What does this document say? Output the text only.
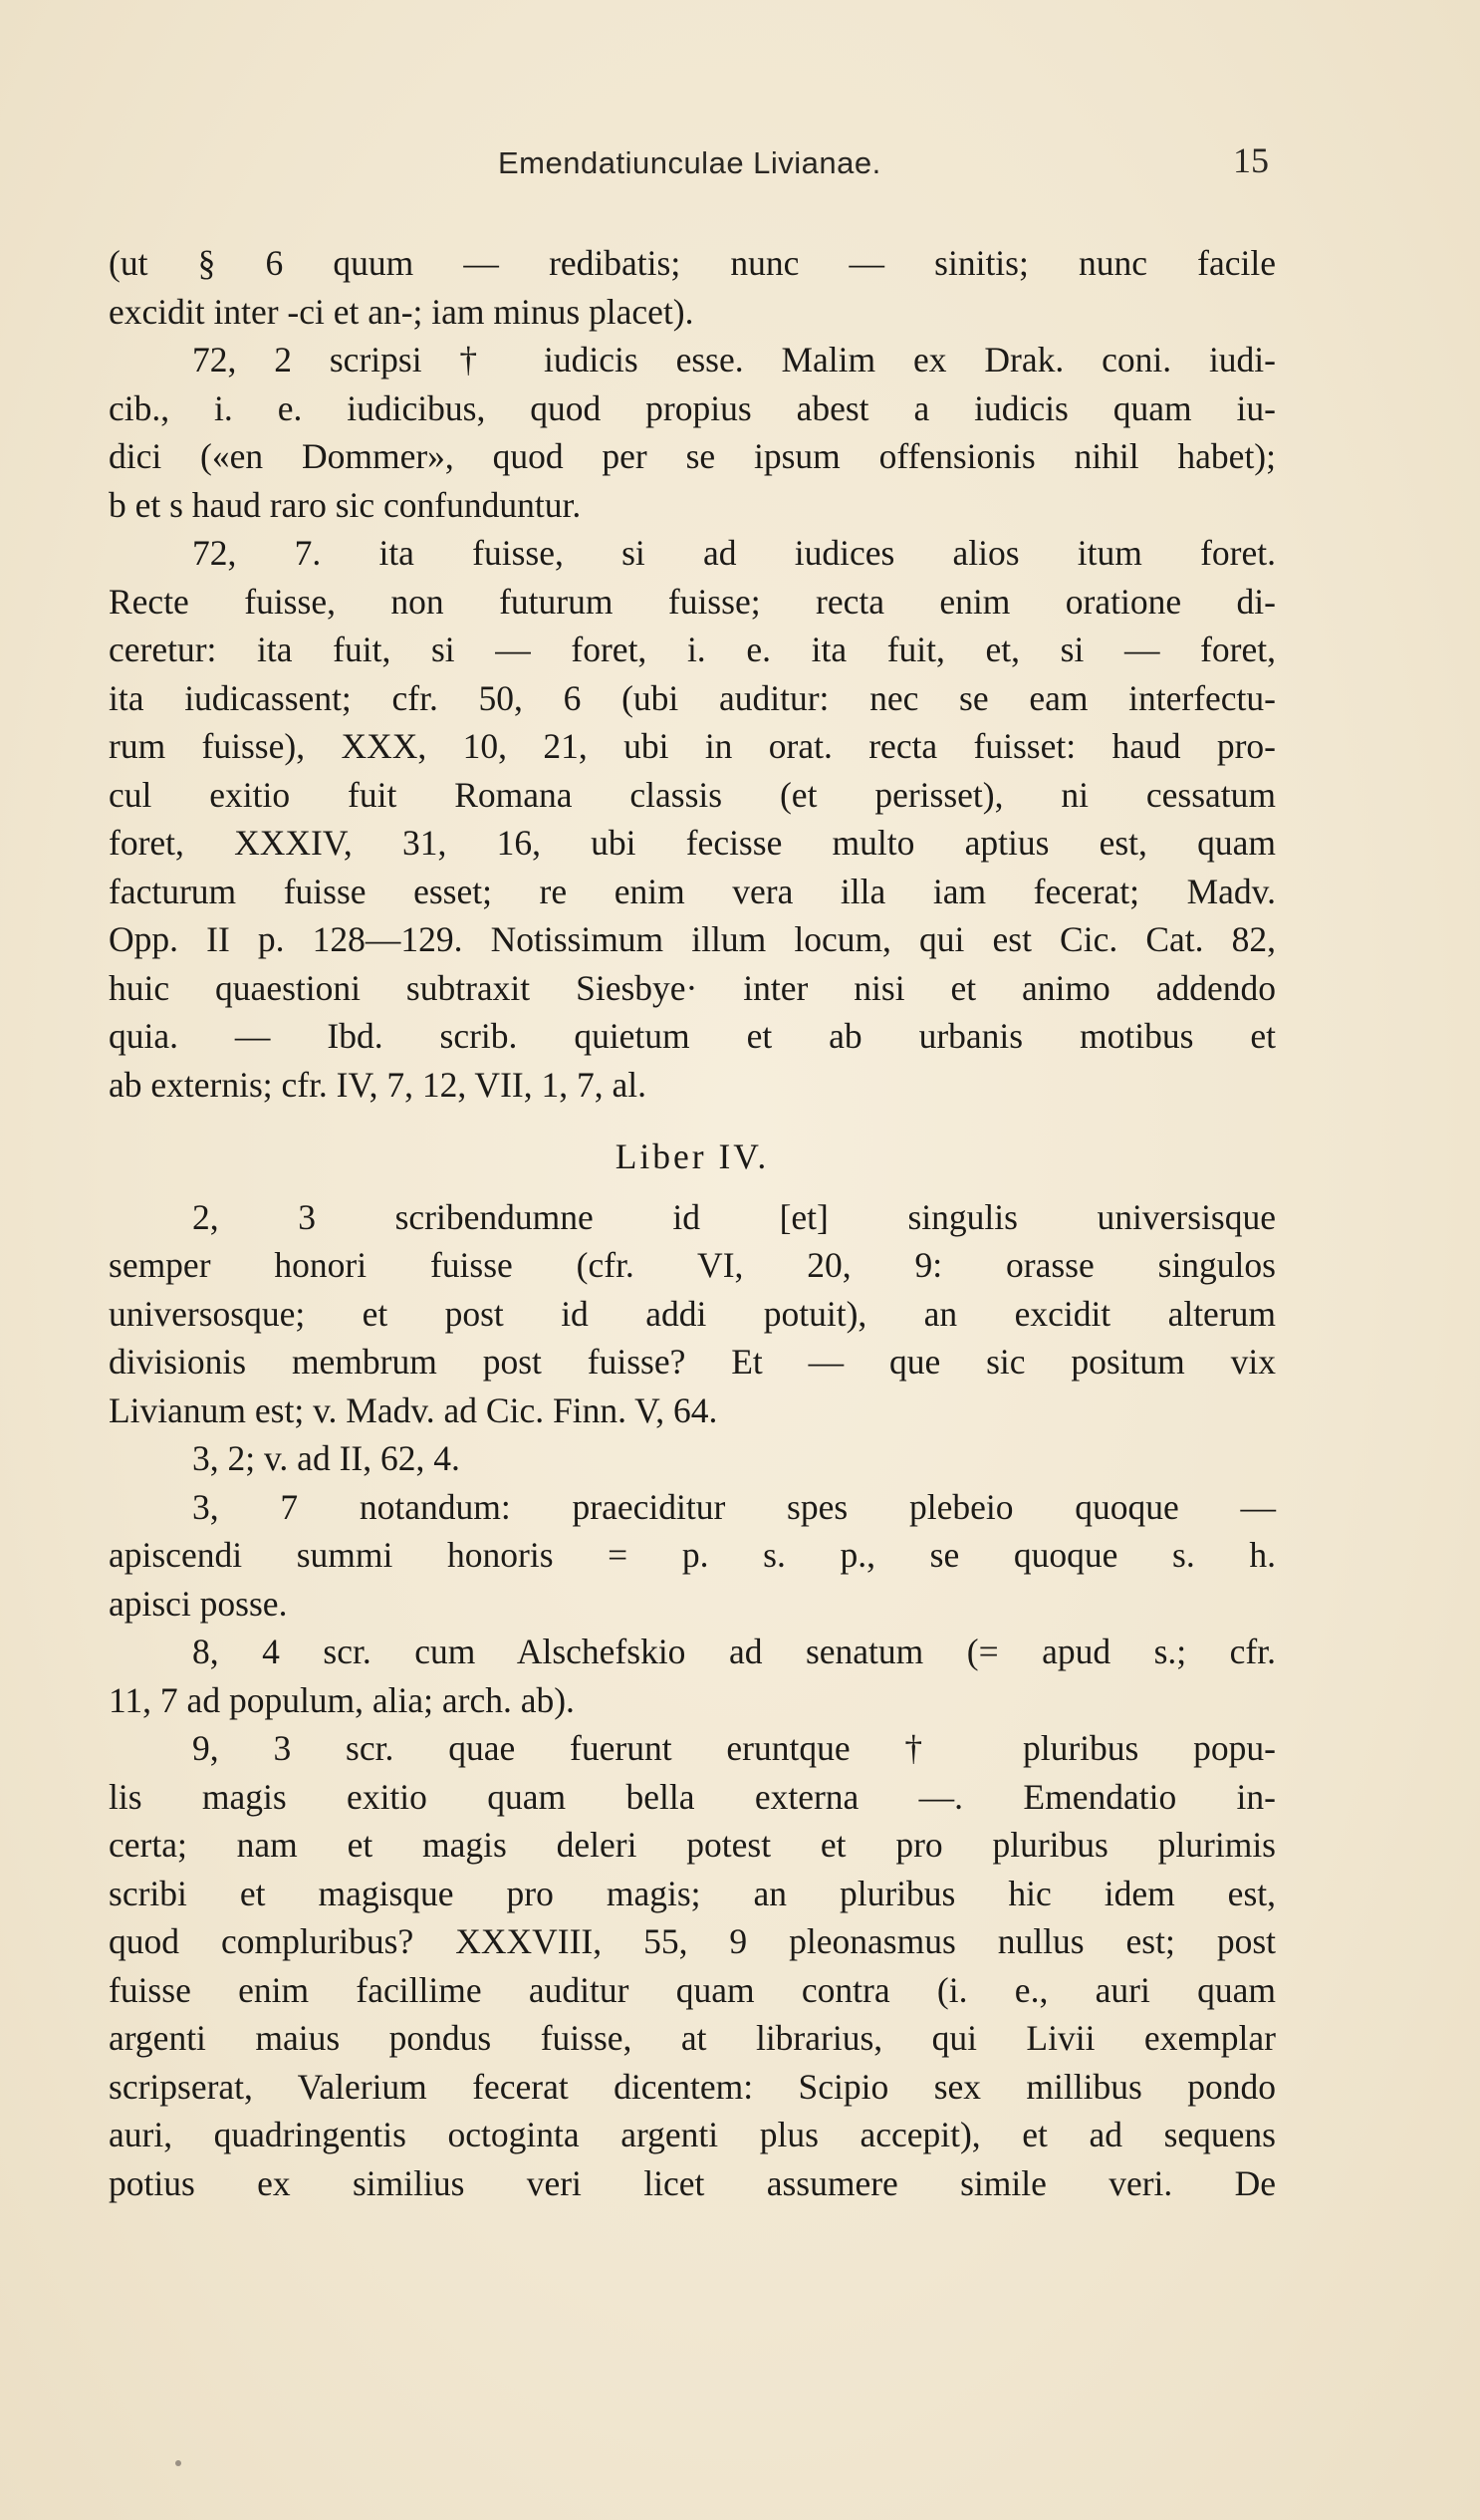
Emendatiunculae Livianae.	15
(ut § 6 quum — redibatis; nunc — sinitis; nunc facile
excidit inter -ci et an-; iam minus placet).
72, 2 scripsi † iudicis esse. Malim ex Drak. coni. iudi-
cib., i. e. iudicibus, quod propius abest a iudicis quam iu-
dici («en Dommer», quod per se ipsum offensionis nihil habet);
b et s haud raro sic confunduntur.
72, 7. ita fuisse, si ad iudices alios itum foret.
Recte fuisse, non futurum fuisse; recta enim oratione di-
ceretur: ita fuit, si — foret, i. e. ita fuit, et, si — foret,
ita iudicassent; cfr. 50, 6 (ubi auditur: nec se eam interfectu-
rum fuisse), XXX, 10, 21, ubi in orat. recta fuisset: haud pro-
cul exitio fuit Romana classis (et perisset), ni cessatum
foret, XXXIV, 31, 16, ubi fecisse multo aptius est, quam
facturum fuisse esset; re enim vera illa iam fecerat; Madv.
Opp. II p. 128—129. Notissimum illum locum, qui est Cic. Cat. 82,
huic quaestioni subtraxit Siesbye· inter nisi et animo addendo
quia. — Ibd. scrib. quietum et ab urbanis motibus et
ab externis; cfr. IV, 7, 12, VII, 1, 7, al.
Liber IV.
2, 3 scribendumne id [et] singulis universisque
semper honori fuisse (cfr. VI, 20, 9: orasse singulos
universosque; et post id addi potuit), an excidit alterum
divisionis membrum post fuisse? Et — que sic positum vix
Livianum est; v. Madv. ad Cic. Finn. V, 64.
3, 2; v. ad II, 62, 4.
3, 7 notandum: praeciditur spes plebeio quoque —
apiscendi summi honoris = p. s. p., se quoque s. h.
apisci posse.
8, 4 scr. cum Alschefskio ad senatum (= apud s.; cfr.
11, 7 ad populum, alia; arch. ab).
9, 3 scr. quae fuerunt eruntque † pluribus popu-
lis magis exitio quam bella externa —. Emendatio in-
certa; nam et magis deleri potest et pro pluribus plurimis
scribi et magisque pro magis; an pluribus hic idem est,
quod compluribus? XXXVIII, 55, 9 pleonasmus nullus est; post
fuisse enim facillime auditur quam contra (i. e., auri quam
argenti maius pondus fuisse, at librarius, qui Livii exemplar
scripserat, Valerium fecerat dicentem: Scipio sex millibus pondo
auri, quadringentis octoginta argenti plus accepit), et ad sequens
potius ex similius veri licet assumere simile veri. De
